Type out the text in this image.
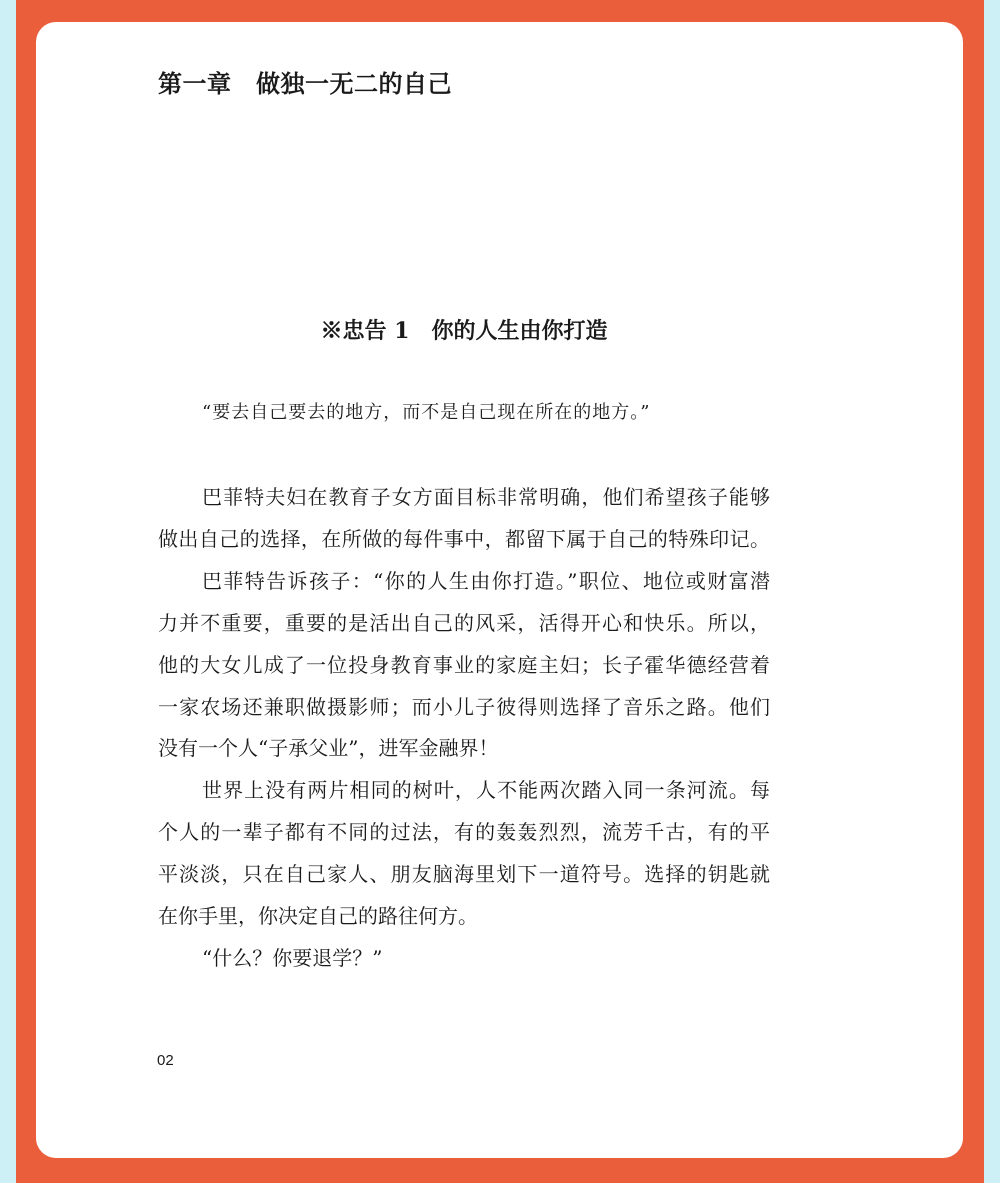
第一章　做独一无二的自己
※忠告 1　你的人生由你打造

“要去自己要去的地方，而不是自己现在所在的地方。”

巴菲特夫妇在教育子女方面目标非常明确，他们希望孩子能够
做出自己的选择，在所做的每件事中，都留下属于自己的特殊印记。
巴菲特告诉孩子：“你的人生由你打造。”职位、地位或财富潜
力并不重要，重要的是活出自己的风采，活得开心和快乐。所以，
他的大女儿成了一位投身教育事业的家庭主妇；长子霍华德经营着
一家农场还兼职做摄影师；而小儿子彼得则选择了音乐之路。他们
没有一个人“子承父业”，进军金融界！
世界上没有两片相同的树叶，人不能两次踏入同一条河流。每
个人的一辈子都有不同的过法，有的轰轰烈烈，流芳千古，有的平
平淡淡，只在自己家人、朋友脑海里划下一道符号。选择的钥匙就
在你手里，你决定自己的路往何方。
“什么？你要退学？”

02
